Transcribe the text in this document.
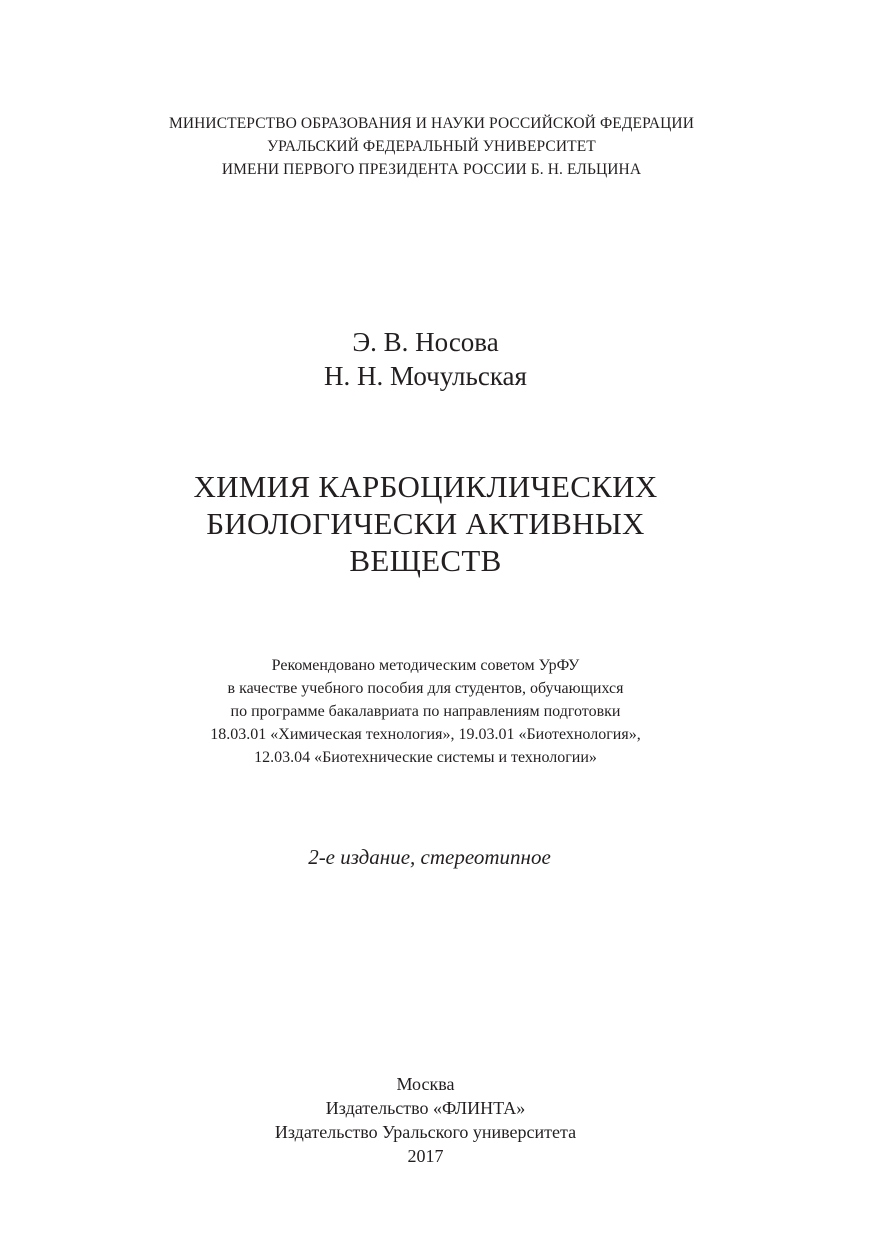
МИНИСТЕРСТВО ОБРАЗОВАНИЯ И НАУКИ РОССИЙСКОЙ ФЕДЕРАЦИИ
УРАЛЬСКИЙ ФЕДЕРАЛЬНЫЙ УНИВЕРСИТЕТ
ИМЕНИ ПЕРВОГО ПРЕЗИДЕНТА РОССИИ Б. Н. ЕЛЬЦИНА
Э. В. Носова
Н. Н. Мочульская
ХИМИЯ КАРБОЦИКЛИЧЕСКИХ
БИОЛОГИЧЕСКИ АКТИВНЫХ
ВЕЩЕСТВ
Рекомендовано методическим советом УрФУ
в качестве учебного пособия для студентов, обучающихся
по программе бакалавриата по направлениям подготовки
18.03.01 «Химическая технология», 19.03.01 «Биотехнология»,
12.03.04 «Биотехнические системы и технологии»
2-е издание, стереотипное
Москва
Издательство «ФЛИНТА»
Издательство Уральского университета
2017
